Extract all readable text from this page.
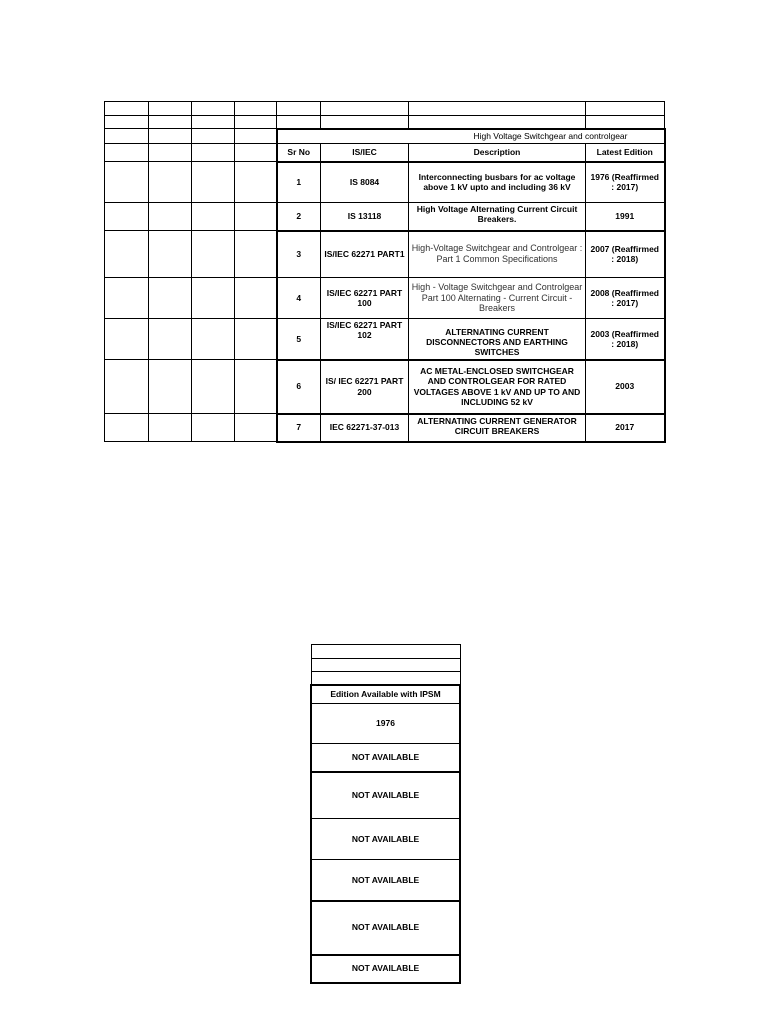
				High Voltage Switchgear and controlgear			
				Sr No	IS/IEC	Description	Latest Edition
				1	IS 8084	Interconnecting busbars for ac voltage above 1 kV upto and including 36 kV	1976 (Reaffirmed : 2017)
				2	IS 13118	High Voltage Alternating Current Circuit Breakers.	1991
				3	IS/IEC 62271 PART1	High-Voltage Switchgear and Controlgear : Part 1 Common Specifications	2007 (Reaffirmed : 2018)
				4	IS/IEC 62271 PART 100	High - Voltage Switchgear and Controlgear Part 100 Alternating - Current Circuit - Breakers	2008 (Reaffirmed : 2017)
				5	IS/IEC 62271 PART 102	ALTERNATING CURRENT DISCONNECTORS AND EARTHING SWITCHES	2003 (Reaffirmed : 2018)
				6	IS/ IEC 62271 PART 200	AC METAL-ENCLOSED SWITCHGEAR AND CONTROLGEAR FOR RATED VOLTAGES ABOVE 1 kV AND UP TO AND INCLUDING 52 kV	2003
				7	IEC 62271-37-013	ALTERNATING CURRENT GENERATOR CIRCUIT BREAKERS	2017

Edition Available with IPSM
1976
NOT AVAILABLE
NOT AVAILABLE
NOT AVAILABLE
NOT AVAILABLE
NOT AVAILABLE
NOT AVAILABLE
